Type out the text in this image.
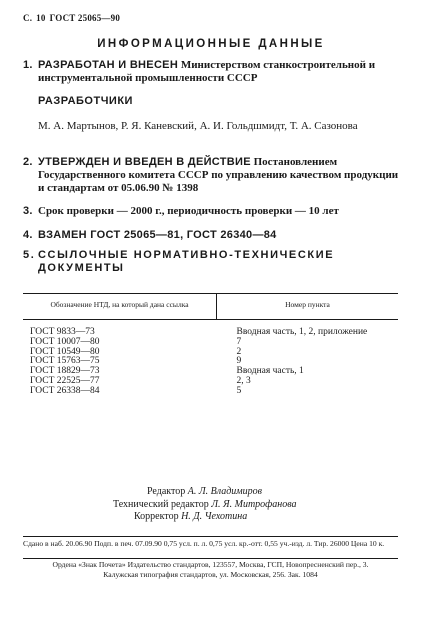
С. 10 ГОСТ 25065—90
ИНФОРМАЦИОННЫЕ ДАННЫЕ
1. РАЗРАБОТАН И ВНЕСЕН Министерством станкостроительной и инструментальной промышленности СССР
РАЗРАБОТЧИКИ
М. А. Мартынов, Р. Я. Каневский, А. И. Гольдшмидт, Т. А. Сазонова
2. УТВЕРЖДЕН И ВВЕДЕН В ДЕЙСТВИЕ Постановлением Государственного комитета СССР по управлению качеством продукции и стандартам от 05.06.90 № 1398
3. Срок проверки — 2000 г., периодичность проверки — 10 лет
4. ВЗАМЕН ГОСТ 25065—81, ГОСТ 26340—84
5. ССЫЛОЧНЫЕ НОРМАТИВНО-ТЕХНИЧЕСКИЕ ДОКУМЕНТЫ
Обозначение НТД, на который дана ссылка	Номер пункта
ГОСТ 9833—73	Вводная часть, 1, 2, приложение
ГОСТ 10007—80	7
ГОСТ 10549—80	2
ГОСТ 15763—75	9
ГОСТ 18829—73	Вводная часть, 1
ГОСТ 22525—77	2, 3
ГОСТ 26338—84	5
Редактор А. Л. Владимиров
Технический редактор Л. Я. Митрофанова
Корректор Н. Д. Чехотина
Сдано в наб. 20.06.90 Подп. в печ. 07.09.90 0,75 усл. п. л. 0,75 усл. кр.-отт. 0,55 уч.-изд. л. Тир. 26000 Цена 10 к.
Ордена «Знак Почета» Издательство стандартов, 123557, Москва, ГСП, Новопресненский пер., 3.
Калужская типография стандартов, ул. Московская, 256. Зак. 1084
